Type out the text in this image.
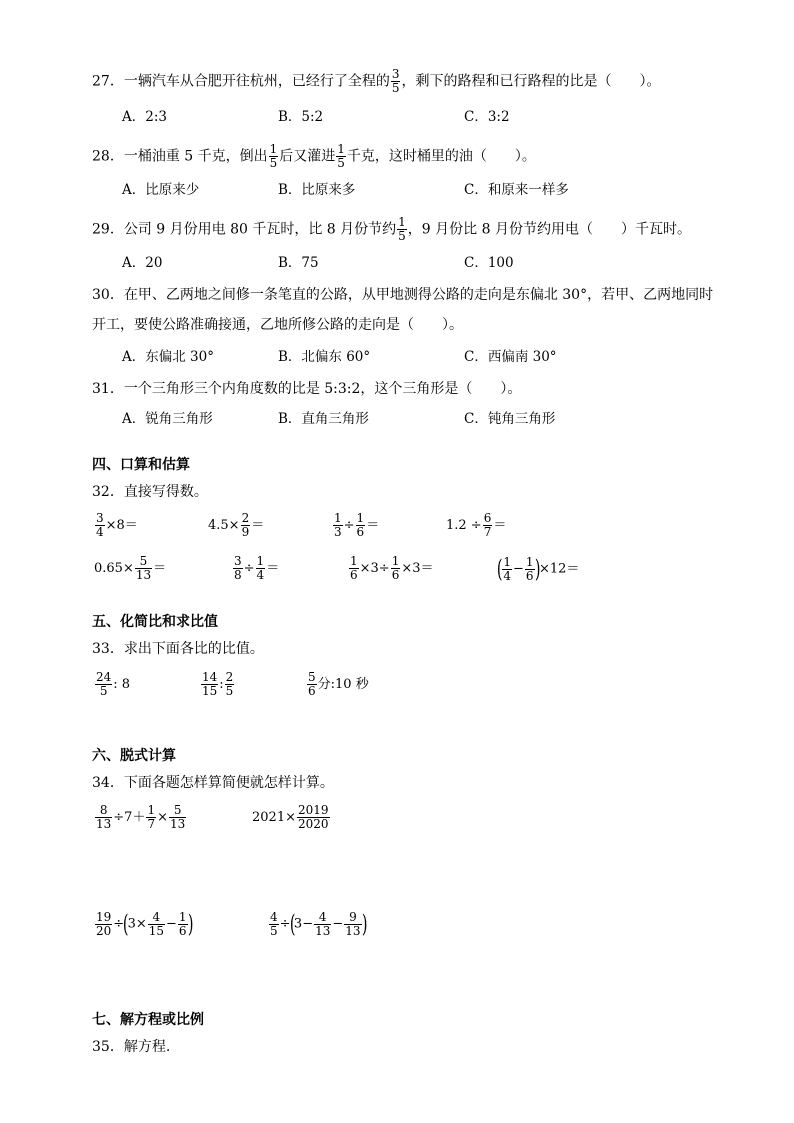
27．一辆汽车从合肥开往杭州，已经行了全程的 $\frac{3}{5}$ ，剩下的路程和已行路程的比是（　　）。
A．2:3	B．5:2	C．3:2
28．一桶油重 5 千克，倒出 $\frac{1}{5}$ 后又灌进 $\frac{1}{5}$ 千克，这时桶里的油（　　）。
A．比原来少	B．比原来多	C．和原来一样多
29．公司 9 月份用电 80 千瓦时，比 8 月份节约 $\frac{1}{5}$ ，9 月份比 8 月份节约用电（　　）千瓦时。
A．20	B．75	C．100
30．在甲、乙两地之间修一条笔直的公路，从甲地测得公路的走向是东偏北 30°，若甲、乙两地同时
开工，要使公路准确接通，乙地所修公路的走向是（　　）。
A．东偏北 30°	B．北偏东 60°	C．西偏南 30°
31．一个三角形三个内角度数的比是 5:3:2，这个三角形是（　　）。
A．锐角三角形	B．直角三角形	C．钝角三角形
四、口算和估算
32．直接写得数。
$\frac{3}{4} \times 8=$	$4.5\times \frac{2}{9}$ ＝	$\frac{1}{3} \div \frac{1}{6}$ ＝	$1.2 \div \frac{6}{7}$ ＝
$0.65\times \frac{5}{13}$ ＝	$\frac{3}{8} \div \frac{1}{4}$ ＝	$\frac{1}{6} \times 3\div \frac{1}{6} \times 3=$	( $\frac{1}{4} - \frac{1}{6} )\times 12=$
五、化简比和求比值
33．求出下面各比的比值。
$\frac{24}{5}$ : 8	$\frac{14}{15}$ : $\frac{2}{5}$	$\frac{5}{6}$ 分:10 秒
六、脱式计算
34．下面各题怎样算简便就怎样计算。
$\frac{8}{13} \div 7+ \frac{1}{7} \times \frac{5}{13}$	$2021\times \frac{2019}{2020}$
$\frac{19}{20} \div(3\times \frac{4}{15} - \frac{1}{6}$ )	$\frac{4}{5} \div(3- \frac{4}{13} - \frac{9}{13}$ )
七、解方程或比例
35．解方程.
